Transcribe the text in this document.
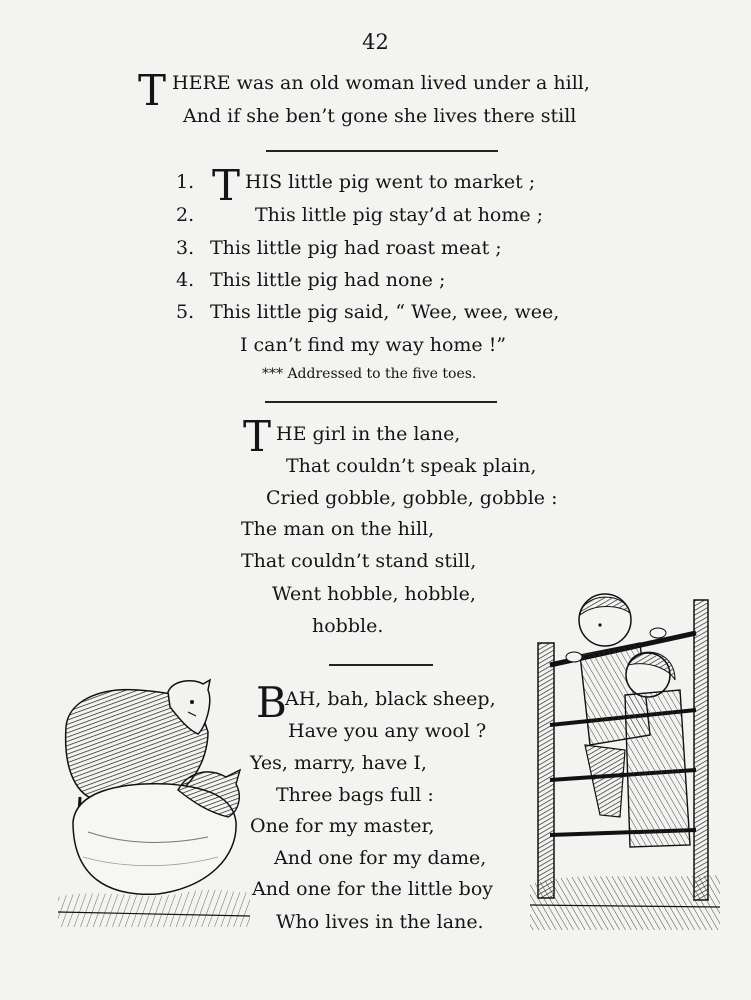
42
T HERE was an old woman lived under a hill,
And if she ben’t gone she lives there still
1.
2.
3.
4.
5.
T HIS little pig went to market ;
This little pig stay’d at home ;
This little pig had roast meat ;
This little pig had none ;
This little pig said, “ Wee, wee, wee,
I can’t find my way home !”
*** Addressed to the five toes.
T HE girl in the lane,
That couldn’t speak plain,
Cried gobble, gobble, gobble :
The man on the hill,
That couldn’t stand still,
Went hobble, hobble,
hobble.
B
AH, bah, black sheep,
Have you any wool ?
Yes, marry, have I,
Three bags full :
One for my master,
And one for my dame,
And one for the little boy
Who lives in the lane.
